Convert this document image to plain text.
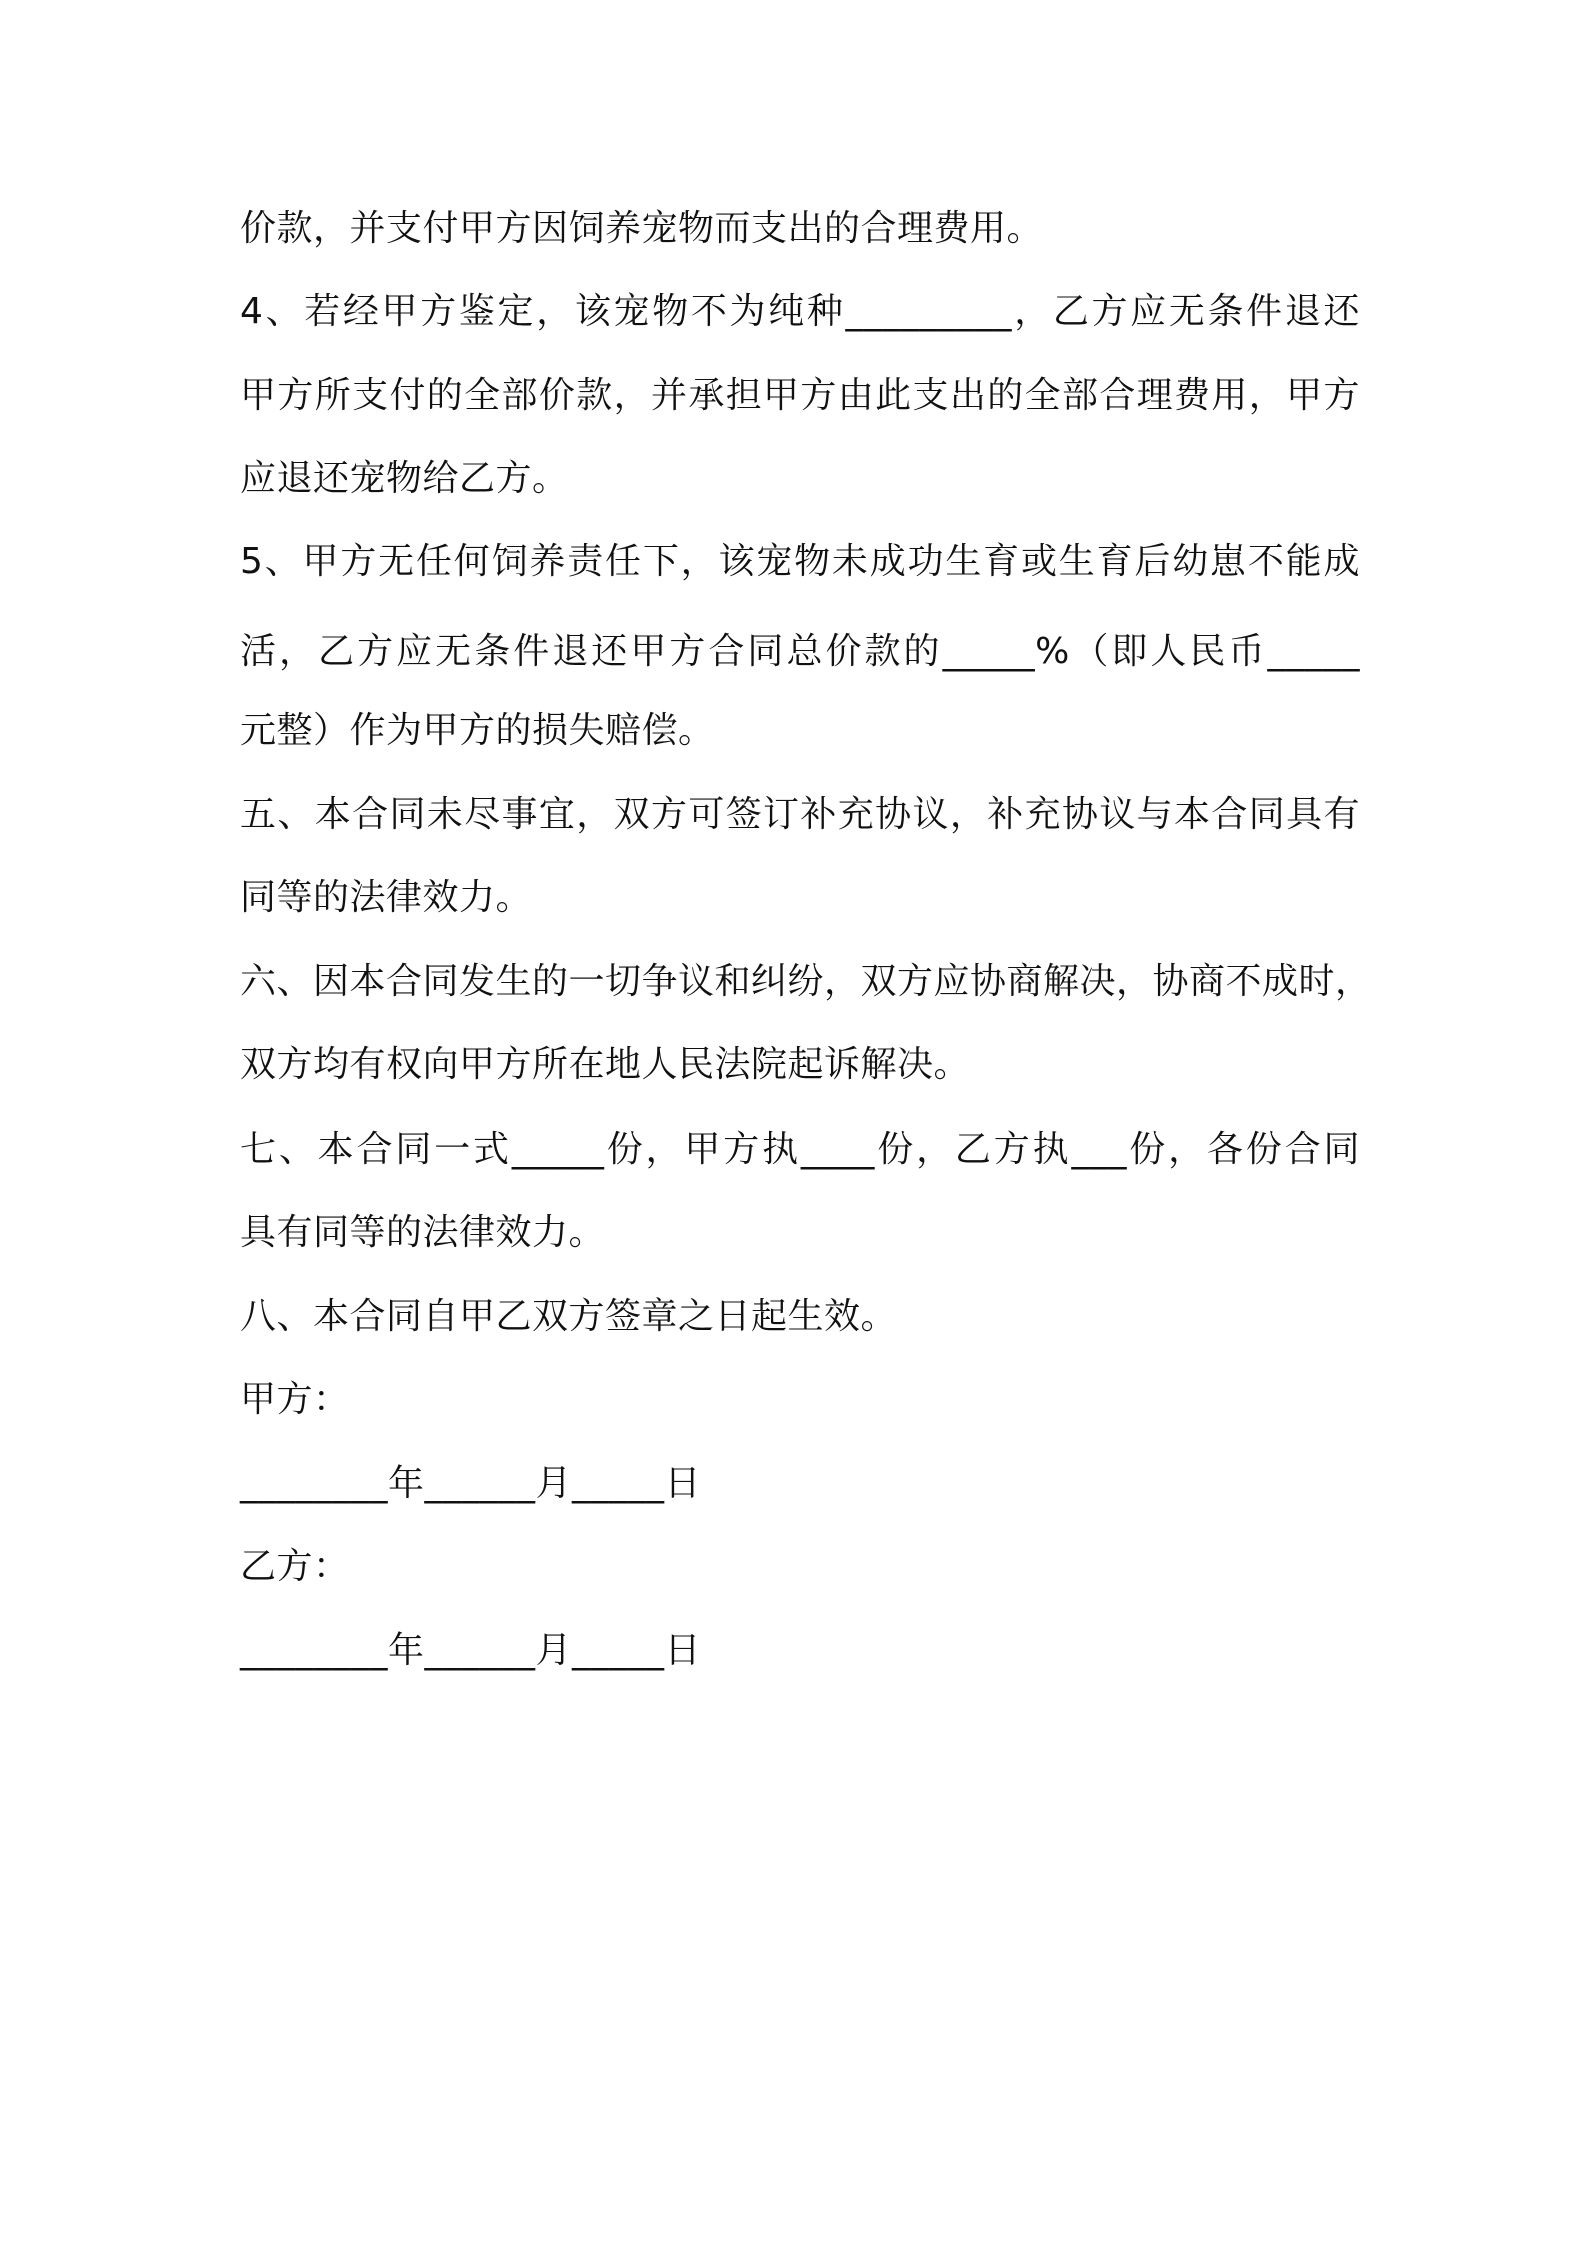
价款，并支付甲方因饲养宠物而支出的合理费用。
4、若经甲方鉴定，该宠物不为纯种_________，乙方应无条件退还
甲方所支付的全部价款，并承担甲方由此支出的全部合理费用，甲方
应退还宠物给乙方。
5、甲方无任何饲养责任下，该宠物未成功生育或生育后幼崽不能成
活，乙方应无条件退还甲方合同总价款的_____%（即人民币_____
元整）作为甲方的损失赔偿。
五、本合同未尽事宜，双方可签订补充协议，补充协议与本合同具有
同等的法律效力。
六、因本合同发生的一切争议和纠纷，双方应协商解决，协商不成时，
双方均有权向甲方所在地人民法院起诉解决。
七、本合同一式_____份，甲方执____份，乙方执___份，各份合同
具有同等的法律效力。
八、本合同自甲乙双方签章之日起生效。
甲方：
________年______月_____日
乙方：
________年______月_____日
